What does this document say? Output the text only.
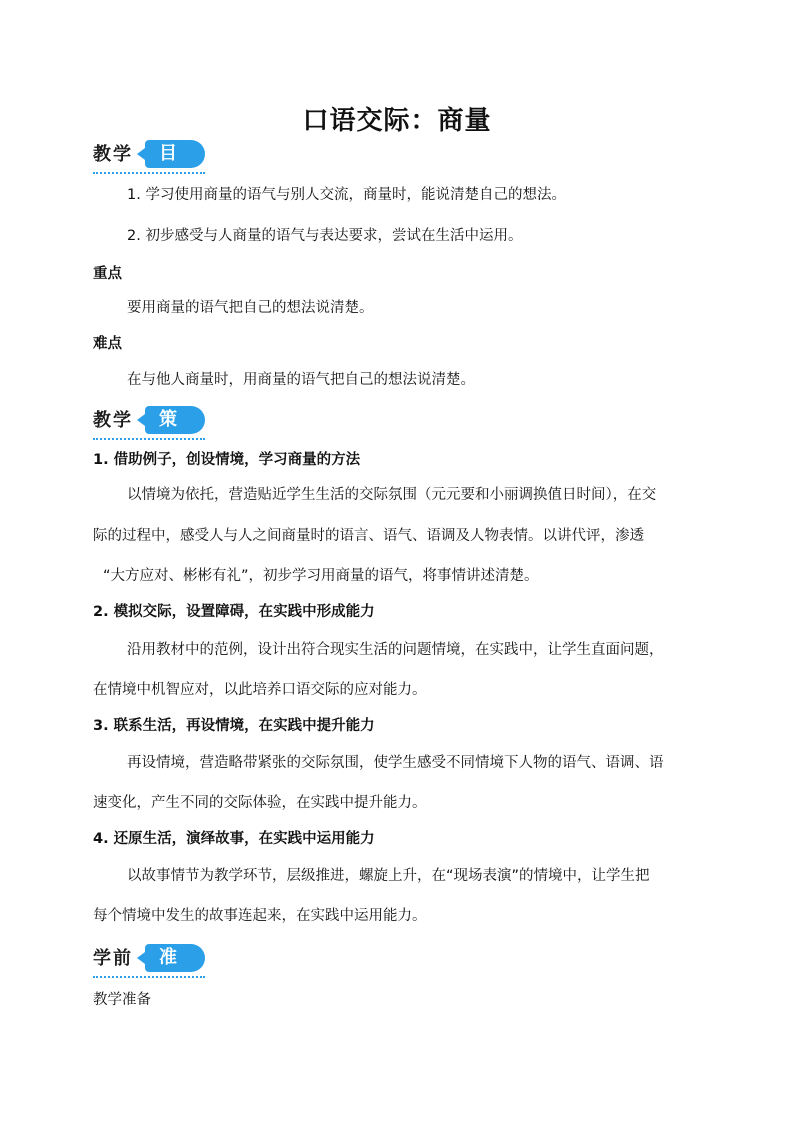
口语交际：商量
教学	目标
1. 学习使用商量的语气与别人交流，商量时，能说清楚自己的想法。
2. 初步感受与人商量的语气与表达要求，尝试在生活中运用。
重点
要用商量的语气把自己的想法说清楚。
难点
在与他人商量时，用商量的语气把自己的想法说清楚。
教学	策略
1. 借助例子，创设情境，学习商量的方法
以情境为依托，营造贴近学生生活的交际氛围（元元要和小丽调换值日时间），在交
际的过程中，感受人与人之间商量时的语言、语气、语调及人物表情。以讲代评，渗透
“大方应对、彬彬有礼”，初步学习用商量的语气，将事情讲述清楚。
2. 模拟交际，设置障碍，在实践中形成能力
沿用教材中的范例，设计出符合现实生活的问题情境，在实践中，让学生直面问题，
在情境中机智应对，以此培养口语交际的应对能力。
3. 联系生活，再设情境，在实践中提升能力
再设情境，营造略带紧张的交际氛围，使学生感受不同情境下人物的语气、语调、语
速变化，产生不同的交际体验，在实践中提升能力。
4. 还原生活，演绎故事，在实践中运用能力
以故事情节为教学环节，层级推进，螺旋上升，在“现场表演”的情境中，让学生把
每个情境中发生的故事连起来，在实践中运用能力。
学前	准备
教学准备
